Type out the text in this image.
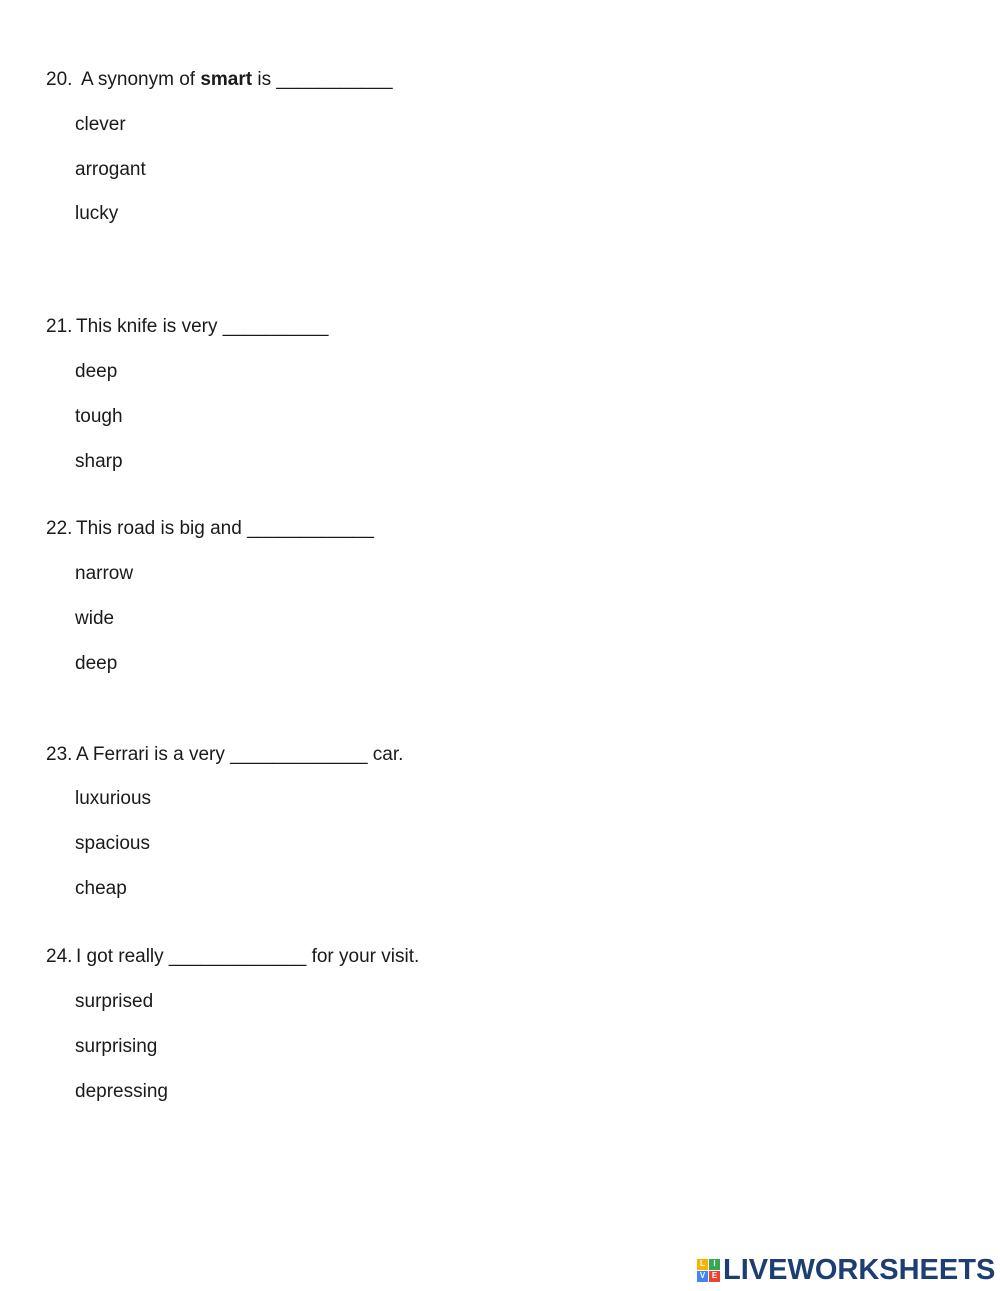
20. A synonym of smart is ___________
clever
arrogant
lucky
21. This knife is very __________
deep
tough
sharp
22. This road is big and ____________
narrow
wide
deep
23. A Ferrari is a very _____________ car.
luxurious
spacious
cheap
24. I got really _____________ for your visit.
surprised
surprising
depressing
L	I
V E LIVEWORKSHEETS
